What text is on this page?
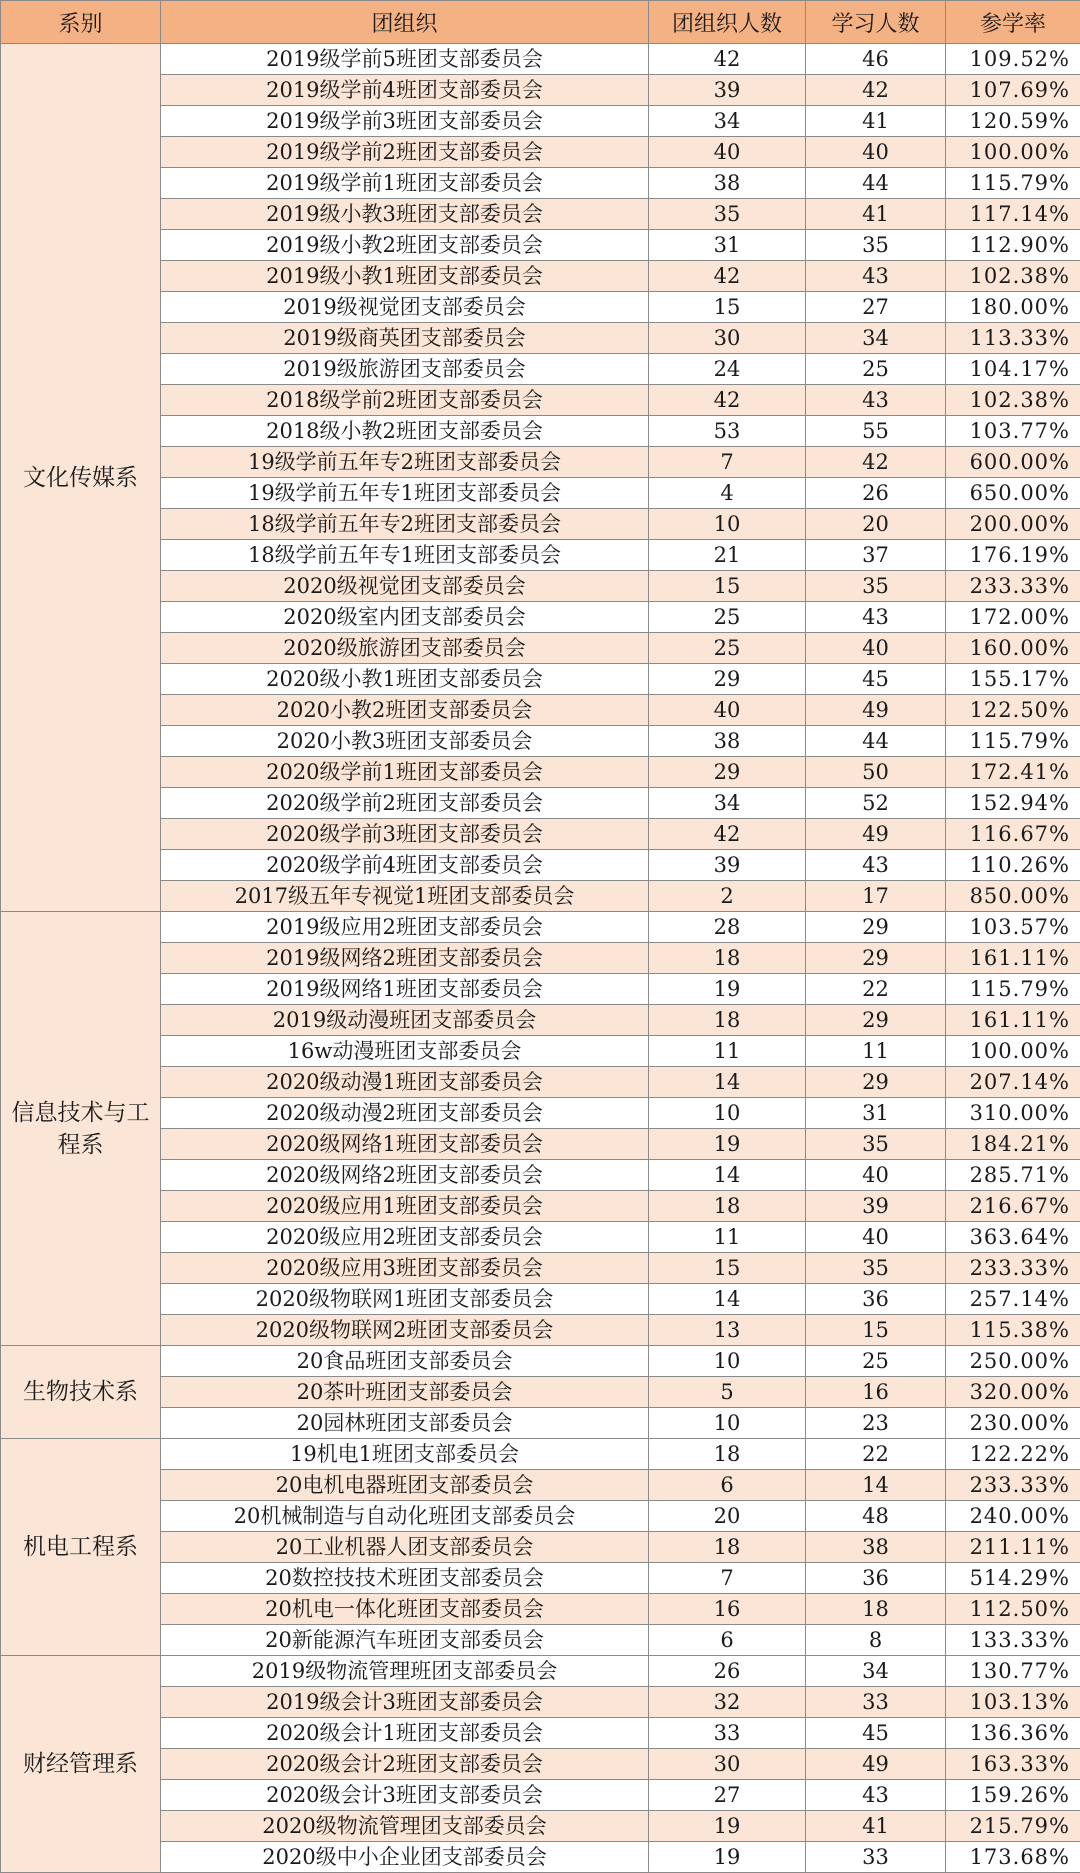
系别	团组织	团组织人数	学习人数	参学率
文化传媒系	2019级学前5班团支部委员会	42	46	109.52%
	2019级学前4班团支部委员会	39	42	107.69%
	2019级学前3班团支部委员会	34	41	120.59%
	2019级学前2班团支部委员会	40	40	100.00%
	2019级学前1班团支部委员会	38	44	115.79%
	2019级小教3班团支部委员会	35	41	117.14%
	2019级小教2班团支部委员会	31	35	112.90%
	2019级小教1班团支部委员会	42	43	102.38%
	2019级视觉团支部委员会	15	27	180.00%
	2019级商英团支部委员会	30	34	113.33%
	2019级旅游团支部委员会	24	25	104.17%
	2018级学前2班团支部委员会	42	43	102.38%
	2018级小教2班团支部委员会	53	55	103.77%
	19级学前五年专2班团支部委员会	7	42	600.00%
	19级学前五年专1班团支部委员会	4	26	650.00%
	18级学前五年专2班团支部委员会	10	20	200.00%
	18级学前五年专1班团支部委员会	21	37	176.19%
	2020级视觉团支部委员会	15	35	233.33%
	2020级室内团支部委员会	25	43	172.00%
	2020级旅游团支部委员会	25	40	160.00%
	2020级小教1班团支部委员会	29	45	155.17%
	2020小教2班团支部委员会	40	49	122.50%
	2020小教3班团支部委员会	38	44	115.79%
	2020级学前1班团支部委员会	29	50	172.41%
	2020级学前2班团支部委员会	34	52	152.94%
	2020级学前3班团支部委员会	42	49	116.67%
	2020级学前4班团支部委员会	39	43	110.26%
	2017级五年专视觉1班团支部委员会	2	17	850.00%
信息技术与工程系	2019级应用2班团支部委员会	28	29	103.57%
	2019级网络2班团支部委员会	18	29	161.11%
	2019级网络1班团支部委员会	19	22	115.79%
	2019级动漫班团支部委员会	18	29	161.11%
	16w动漫班团支部委员会	11	11	100.00%
	2020级动漫1班团支部委员会	14	29	207.14%
	2020级动漫2班团支部委员会	10	31	310.00%
	2020级网络1班团支部委员会	19	35	184.21%
	2020级网络2班团支部委员会	14	40	285.71%
	2020级应用1班团支部委员会	18	39	216.67%
	2020级应用2班团支部委员会	11	40	363.64%
	2020级应用3班团支部委员会	15	35	233.33%
	2020级物联网1班团支部委员会	14	36	257.14%
	2020级物联网2班团支部委员会	13	15	115.38%
生物技术系	20食品班团支部委员会	10	25	250.00%
	20茶叶班团支部委员会	5	16	320.00%
	20园林班团支部委员会	10	23	230.00%
机电工程系	19机电1班团支部委员会	18	22	122.22%
	20电机电器班团支部委员会	6	14	233.33%
	20机械制造与自动化班团支部委员会	20	48	240.00%
	20工业机器人团支部委员会	18	38	211.11%
	20数控技技术班团支部委员会	7	36	514.29%
	20机电一体化班团支部委员会	16	18	112.50%
	20新能源汽车班团支部委员会	6	8	133.33%
财经管理系	2019级物流管理班团支部委员会	26	34	130.77%
	2019级会计3班团支部委员会	32	33	103.13%
	2020级会计1班团支部委员会	33	45	136.36%
	2020级会计2班团支部委员会	30	49	163.33%
	2020级会计3班团支部委员会	27	43	159.26%
	2020级物流管理团支部委员会	19	41	215.79%
	2020级中小企业团支部委员会	19	33	173.68%
